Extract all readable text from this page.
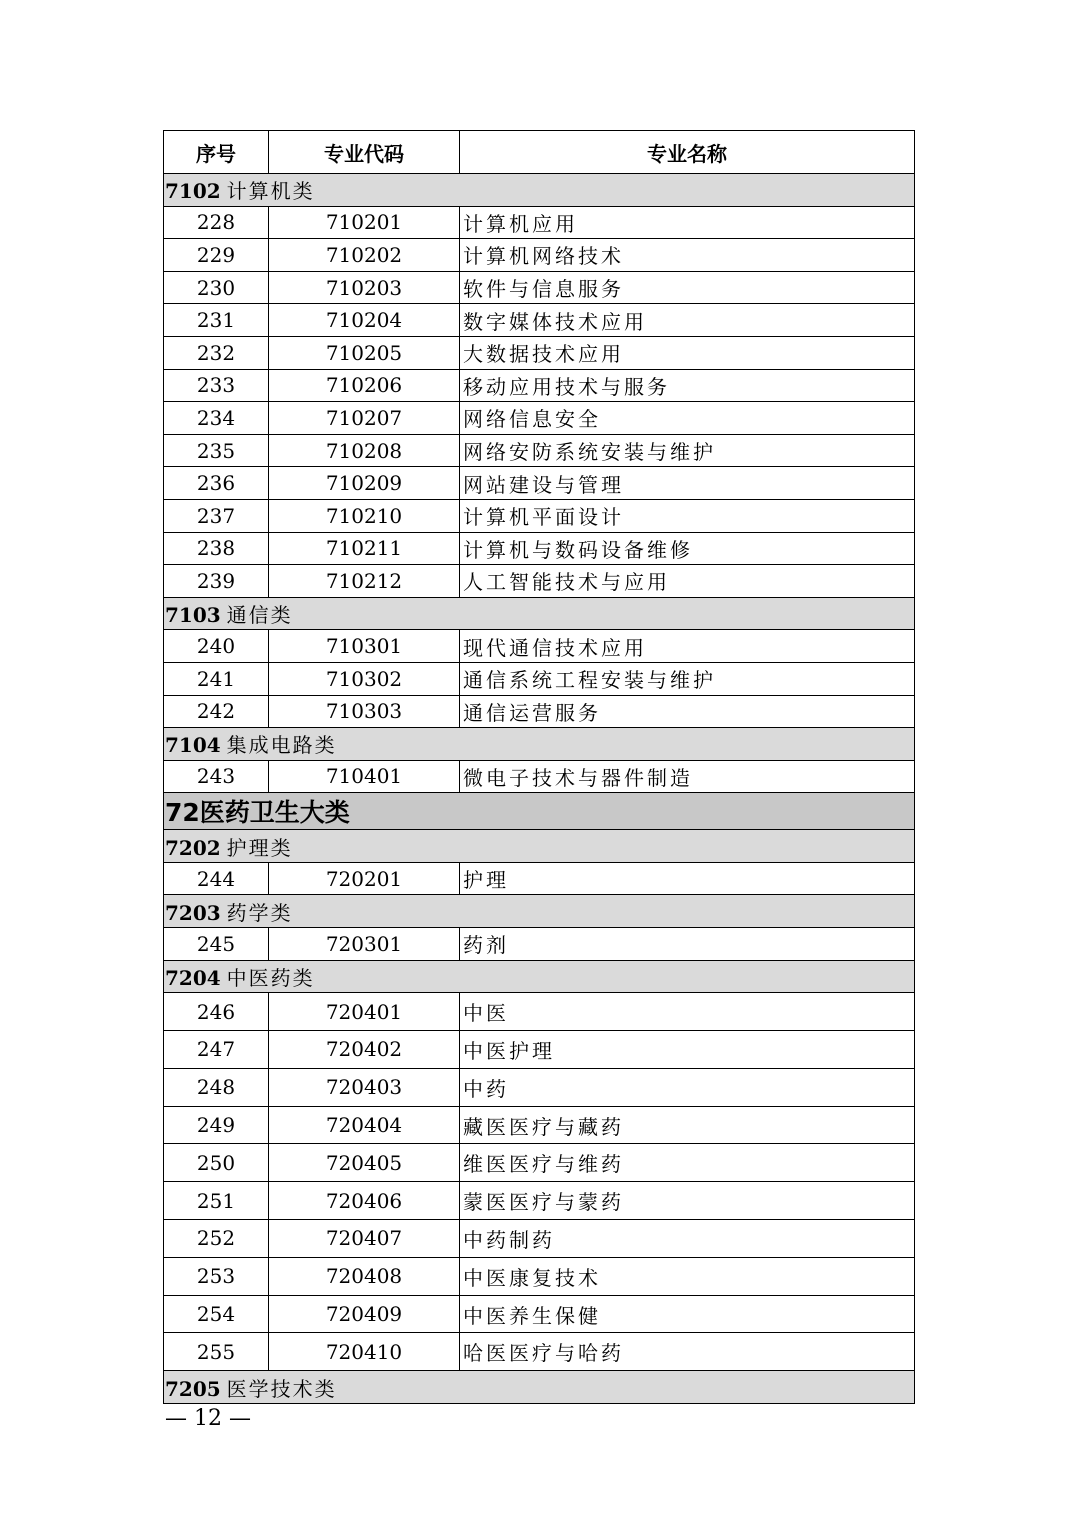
序号	专业代码	专业名称
7102 计算机类		
228	710201	计算机应用
229	710202	计算机网络技术
230	710203	软件与信息服务
231	710204	数字媒体技术应用
232	710205	大数据技术应用
233	710206	移动应用技术与服务
234	710207	网络信息安全
235	710208	网络安防系统安装与维护
236	710209	网站建设与管理
237	710210	计算机平面设计
238	710211	计算机与数码设备维修
239	710212	人工智能技术与应用
7103 通信类		
240	710301	现代通信技术应用
241	710302	通信系统工程安装与维护
242	710303	通信运营服务
7104 集成电路类		
243	710401	微电子技术与器件制造
72医药卫生大类		
7202 护理类		
244	720201	护理
7203 药学类		
245	720301	药剂
7204 中医药类		
246	720401	中医
247	720402	中医护理
248	720403	中药
249	720404	藏医医疗与藏药
250	720405	维医医疗与维药
251	720406	蒙医医疗与蒙药
252	720407	中药制药
253	720408	中医康复技术
254	720409	中医养生保健
255	720410	哈医医疗与哈药
7205 医学技术类		
— 12 —
